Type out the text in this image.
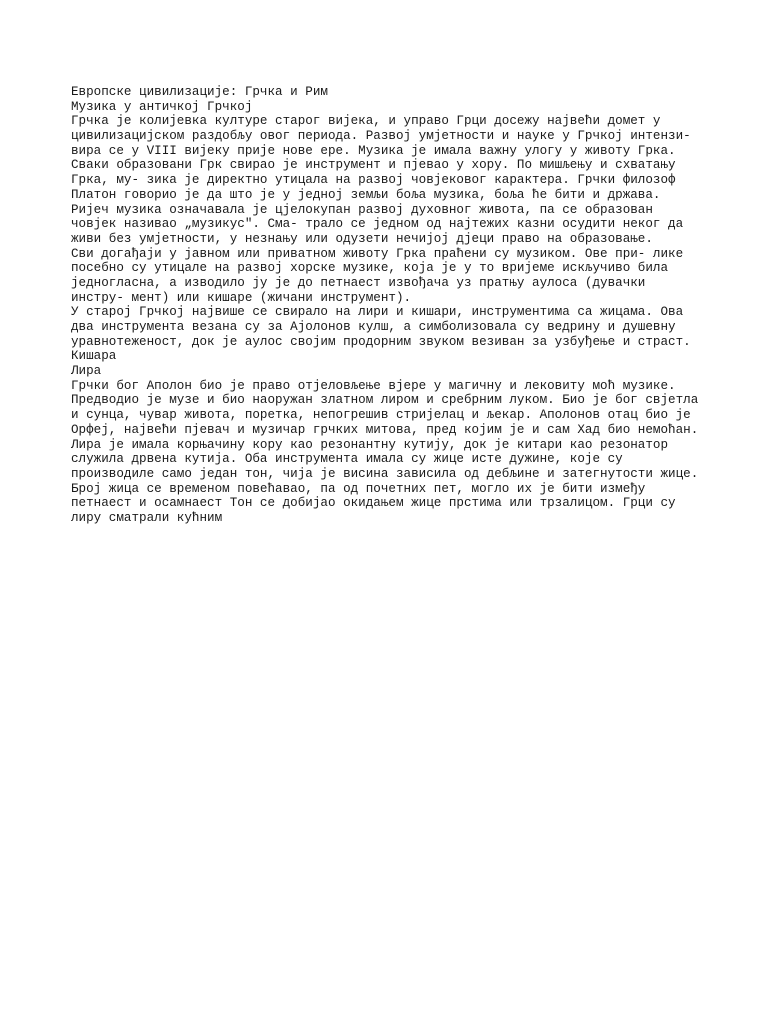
Европске цивилизације: Грчка и Рим
Музика у античкој Грчкој
Грчка је колијевка културе старог вијека, и управо Грци досежу највећи домет у
цивилизацијском раздобљу овог периода. Развој умјетности и науке у Грчкој интензи-
вира се у VIII вијеку прије нове ере. Музика је имала важну улогу у животу Грка.
Сваки образовани Грк свирао је инструмент и пјевао у хору. По мишљењу и схватању
Грка, му- зика је директно утицала на развој човјековог карактера. Грчки филозоф
Платон говорио је да што је у једној земљи боља музика, боља ће бити и држава.
Ријеч музика означавала је цјелокупан развој духовног живота, па се образован
човјек називао „музикус". Сма- трало се једном од најтежих казни осудити неког да
живи без умјетности, у незнању или одузети нечијој дјеци право на образовање.
Сви догађаји у јавном или приватном животу Грка праћени су музиком. Ове при- лике
посебно су утицале на развој хорске музике, која је у то вријеме искључиво била
једногласна, а изводило ју је до петнаест извођача уз пратњу аулоса (дувачки
инстру- мент) или кишаре (жичани инструмент).
У старој Грчкој највише се свирало на лири и кишари, инструментима са жицама. Ова
два инструмента везана су за Ајолонов кулш, а симболизовала су ведрину и душевну
уравнотеженост, док је аулос својим продорним звуком везиван за узбуђење и страст.
Кишара
Лира
Грчки бог Аполон био је право отјеловљење вјере у магичну и лековиту моћ музике.
Предводио је музе и био наоружан златном лиром и сребрним луком. Био је бог свјетла
и сунца, чувар живота, поретка, непогрешив стријелац и љекар. Аполонов отац био је
Орфеј, највећи пјевач и музичар грчких митова, пред којим је и сам Хад био немоћан.
Лира је имала корњачину кору као резонантну кутију, док је китари као резонатор
служила дрвена кутија. Оба инструмента имала су жице исте дужине, које су
производиле само један тон, чија је висина зависила од дебљине и затегнутости жице.
Број жица се временом повећавао, па од почетних пет, могло их је бити између
петнаест и осамнаест Тон се добијао окидањем жице прстима или трзалицом. Грци су
лиру сматрали кућним
